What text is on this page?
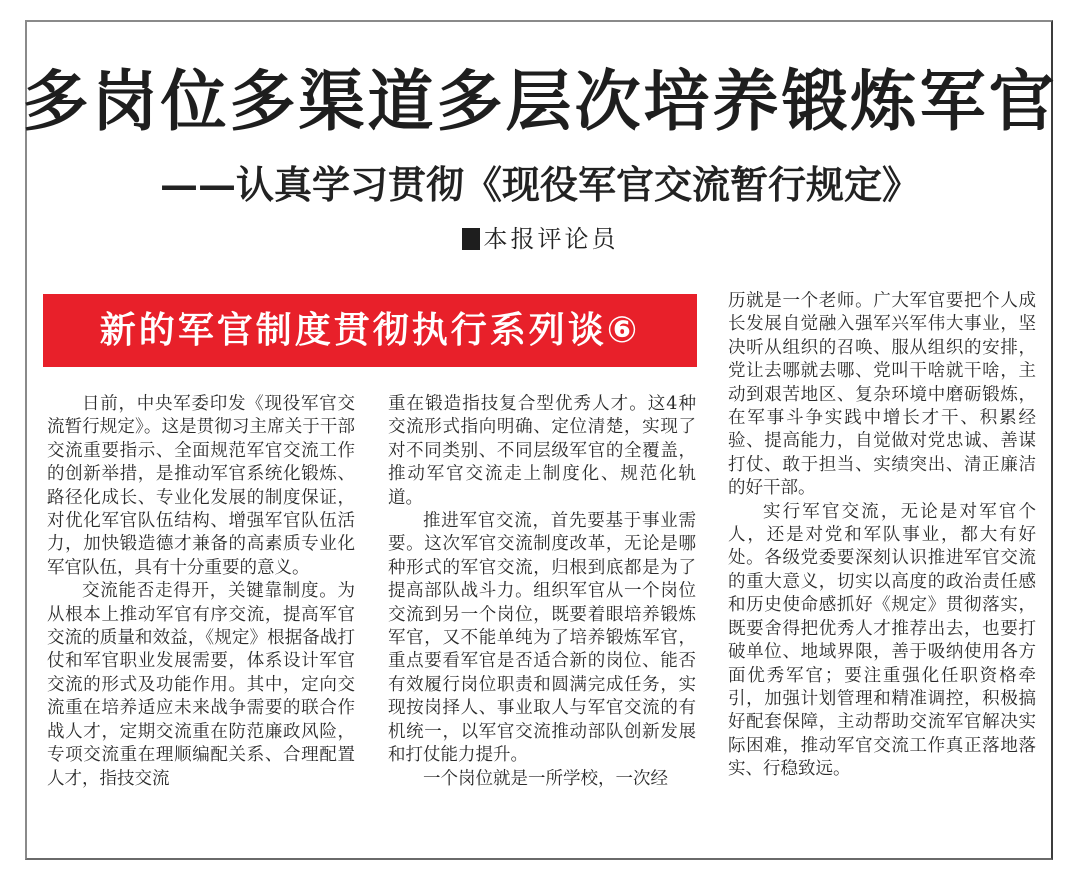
多岗位多渠道多层次培养锻炼军官
——认真学习贯彻《现役军官交流暂行规定》
本报评论员
新的军官制度贯彻执行系列谈⑥

日前，中央军委印发《现役军官交流暂行规定》。这是贯彻习主席关于干部交流重要指示、全面规范军官交流工作的创新举措，是推动军官系统化锻炼、路径化成长、专业化发展的制度保证，对优化军官队伍结构、增强军官队伍活力，加快锻造德才兼备的高素质专业化军官队伍，具有十分重要的意义。

交流能否走得开，关键靠制度。为从根本上推动军官有序交流，提高军官交流的质量和效益，《规定》根据备战打仗和军官职业发展需要，体系设计军官交流的形式及功能作用。其中，定向交流重在培养适应未来战争需要的联合作战人才，定期交流重在防范廉政风险，专项交流重在理顺编配关系、合理配置人才，指技交流

重在锻造指技复合型优秀人才。这4种交流形式指向明确、定位清楚，实现了对不同类别、不同层级军官的全覆盖，推动军官交流走上制度化、规范化轨道。

推进军官交流，首先要基于事业需要。这次军官交流制度改革，无论是哪种形式的军官交流，归根到底都是为了提高部队战斗力。组织军官从一个岗位交流到另一个岗位，既要着眼培养锻炼军官，又不能单纯为了培养锻炼军官，重点要看军官是否适合新的岗位、能否有效履行岗位职责和圆满完成任务，实现按岗择人、事业取人与军官交流的有机统一，以军官交流推动部队创新发展和打仗能力提升。

一个岗位就是一所学校，一次经

历就是一个老师。广大军官要把个人成长发展自觉融入强军兴军伟大事业，坚决听从组织的召唤、服从组织的安排，党让去哪就去哪、党叫干啥就干啥，主动到艰苦地区、复杂环境中磨砺锻炼，在军事斗争实践中增长才干、积累经验、提高能力，自觉做对党忠诚、善谋打仗、敢于担当、实绩突出、清正廉洁的好干部。

实行军官交流，无论是对军官个人，还是对党和军队事业，都大有好处。各级党委要深刻认识推进军官交流的重大意义，切实以高度的政治责任感和历史使命感抓好《规定》贯彻落实，既要舍得把优秀人才推荐出去，也要打破单位、地域界限，善于吸纳使用各方面优秀军官；要注重强化任职资格牵引，加强计划管理和精准调控，积极搞好配套保障，主动帮助交流军官解决实际困难，推动军官交流工作真正落地落实、行稳致远。
